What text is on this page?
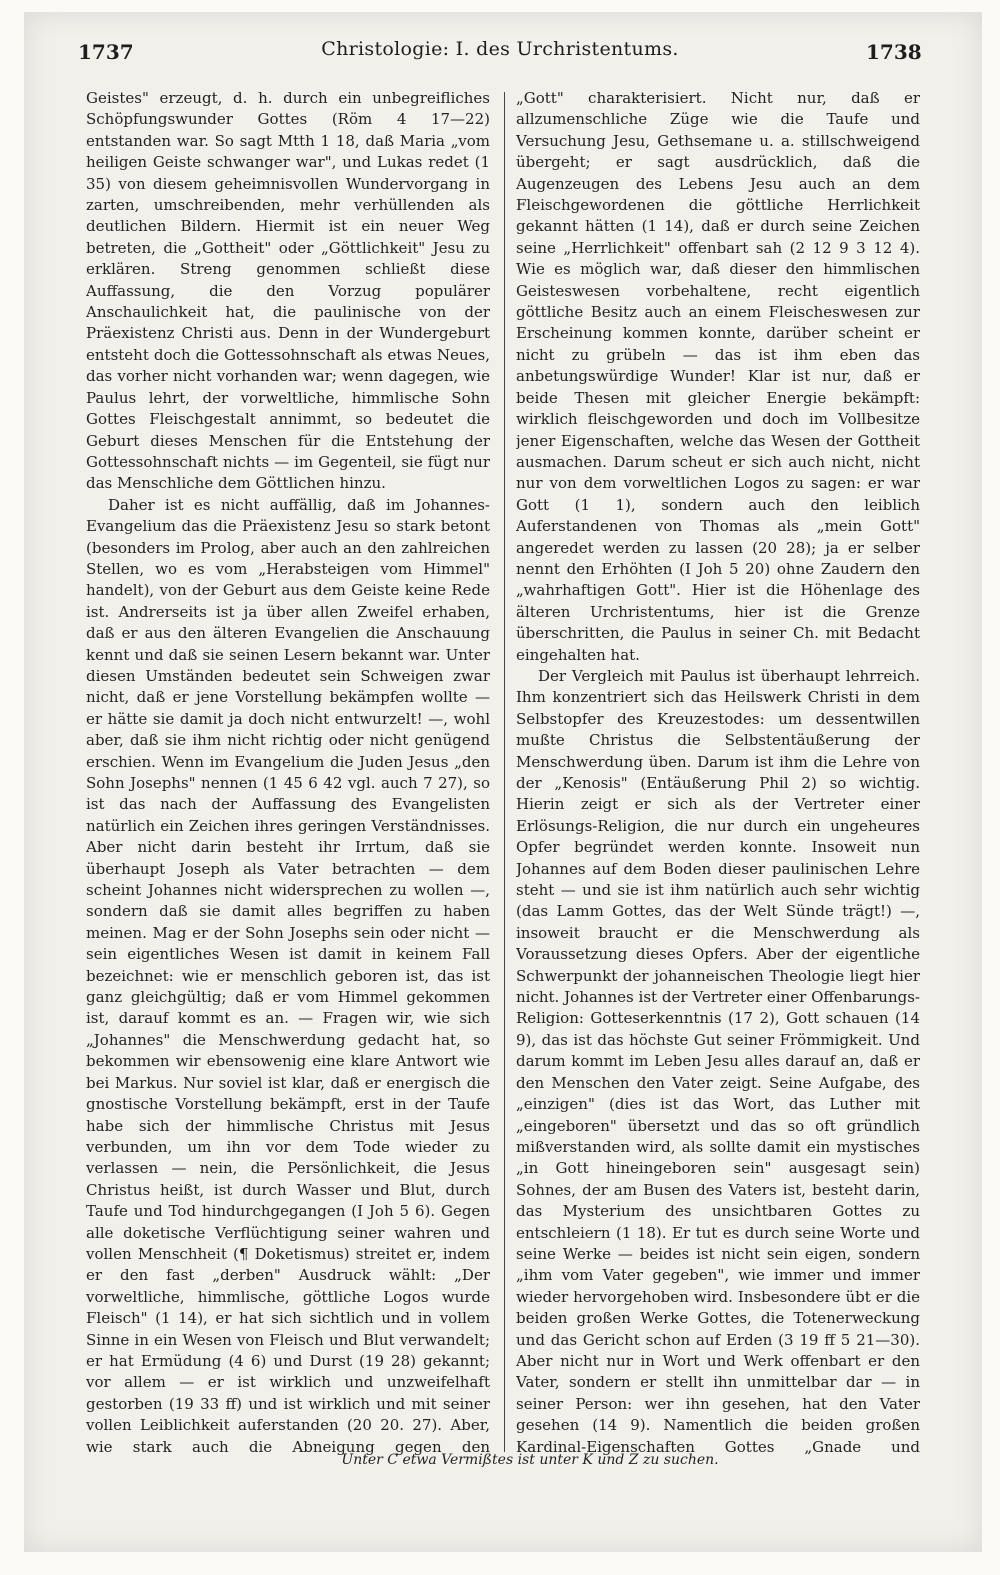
1737	Christologie: I. des Urchristentums.	1738

Geistes" erzeugt, d. h. durch ein unbegreifliches Schöpfungswunder Gottes (Röm 4 17—22) entstanden war. So sagt Mtth 1 18, daß Maria „vom heiligen Geiste schwanger war", und Lukas redet (1 35) von diesem geheimnisvollen Wundervorgang in zarten, umschreibenden, mehr verhüllenden als deutlichen Bildern. Hiermit ist ein neuer Weg betreten, die „Gottheit" oder „Göttlichkeit" Jesu zu erklären. Streng genommen schließt diese Auffassung, die den Vorzug populärer Anschaulichkeit hat, die paulinische von der Präexistenz Christi aus. Denn in der Wundergeburt entsteht doch die Gottessohnschaft als etwas Neues, das vorher nicht vorhanden war; wenn dagegen, wie Paulus lehrt, der vorweltliche, himmlische Sohn Gottes Fleischgestalt annimmt, so bedeutet die Geburt dieses Menschen für die Entstehung der Gottessohnschaft nichts — im Gegenteil, sie fügt nur das Menschliche dem Göttlichen hinzu.

Daher ist es nicht auffällig, daß im Johannes-Evangelium das die Präexistenz Jesu so stark betont (besonders im Prolog, aber auch an den zahlreichen Stellen, wo es vom „Herabsteigen vom Himmel" handelt), von der Geburt aus dem Geiste keine Rede ist. Andrerseits ist ja über allen Zweifel erhaben, daß er aus den älteren Evangelien die Anschauung kennt und daß sie seinen Lesern bekannt war. Unter diesen Umständen bedeutet sein Schweigen zwar nicht, daß er jene Vorstellung bekämpfen wollte — er hätte sie damit ja doch nicht entwurzelt! —, wohl aber, daß sie ihm nicht richtig oder nicht genügend erschien. Wenn im Evangelium die Juden Jesus „den Sohn Josephs" nennen (1 45 6 42 vgl. auch 7 27), so ist das nach der Auffassung des Evangelisten natürlich ein Zeichen ihres geringen Verständnisses. Aber nicht darin besteht ihr Irrtum, daß sie überhaupt Joseph als Vater betrachten — dem scheint Johannes nicht widersprechen zu wollen —, sondern daß sie damit alles begriffen zu haben meinen. Mag er der Sohn Josephs sein oder nicht — sein eigentliches Wesen ist damit in keinem Fall bezeichnet: wie er menschlich geboren ist, das ist ganz gleichgültig; daß er vom Himmel gekommen ist, darauf kommt es an. — Fragen wir, wie sich „Johannes" die Menschwerdung gedacht hat, so bekommen wir ebensowenig eine klare Antwort wie bei Markus. Nur soviel ist klar, daß er energisch die gnostische Vorstellung bekämpft, erst in der Taufe habe sich der himmlische Christus mit Jesus verbunden, um ihn vor dem Tode wieder zu verlassen — nein, die Persönlichkeit, die Jesus Christus heißt, ist durch Wasser und Blut, durch Taufe und Tod hindurchgegangen (I Joh 5 6). Gegen alle doketische Verflüchtigung seiner wahren und vollen Menschheit (¶ Doketismus) streitet er, indem er den fast „derben" Ausdruck wählt: „Der vorweltliche, himmlische, göttliche Logos wurde Fleisch" (1 14), er hat sich sichtlich und in vollem Sinne in ein Wesen von Fleisch und Blut verwandelt; er hat Ermüdung (4 6) und Durst (19 28) gekannt; vor allem — er ist wirklich und unzweifelhaft gestorben (19 33 ff) und ist wirklich und mit seiner vollen Leiblichkeit auferstanden (20 20. 27). Aber, wie stark auch die Abneigung gegen den

„Gott" charakterisiert. Nicht nur, daß er allzumenschliche Züge wie die Taufe und Versuchung Jesu, Gethsemane u. a. stillschweigend übergeht; er sagt ausdrücklich, daß die Augenzeugen des Lebens Jesu auch an dem Fleischgewordenen die göttliche Herrlichkeit gekannt hätten (1 14), daß er durch seine Zeichen seine „Herrlichkeit" offenbart sah (2 12 9 3 12 4). Wie es möglich war, daß dieser den himmlischen Geisteswesen vorbehaltene, recht eigentlich göttliche Besitz auch an einem Fleischeswesen zur Erscheinung kommen konnte, darüber scheint er nicht zu grübeln — das ist ihm eben das anbetungswürdige Wunder! Klar ist nur, daß er beide Thesen mit gleicher Energie bekämpft: wirklich fleischgeworden und doch im Vollbesitze jener Eigenschaften, welche das Wesen der Gottheit ausmachen. Darum scheut er sich auch nicht, nicht nur von dem vorweltlichen Logos zu sagen: er war Gott (1 1), sondern auch den leiblich Auferstandenen von Thomas als „mein Gott" angeredet werden zu lassen (20 28); ja er selber nennt den Erhöhten (I Joh 5 20) ohne Zaudern den „wahrhaftigen Gott". Hier ist die Höhenlage des älteren Urchristentums, hier ist die Grenze überschritten, die Paulus in seiner Ch. mit Bedacht eingehalten hat.

Der Vergleich mit Paulus ist überhaupt lehrreich. Ihm konzentriert sich das Heilswerk Christi in dem Selbstopfer des Kreuzestodes: um dessentwillen mußte Christus die Selbstentäußerung der Menschwerdung üben. Darum ist ihm die Lehre von der „Kenosis" (Entäußerung Phil 2) so wichtig. Hierin zeigt er sich als der Vertreter einer Erlösungs-Religion, die nur durch ein ungeheures Opfer begründet werden konnte. Insoweit nun Johannes auf dem Boden dieser paulinischen Lehre steht — und sie ist ihm natürlich auch sehr wichtig (das Lamm Gottes, das der Welt Sünde trägt!) —, insoweit braucht er die Menschwerdung als Voraussetzung dieses Opfers. Aber der eigentliche Schwerpunkt der johanneischen Theologie liegt hier nicht. Johannes ist der Vertreter einer Offenbarungs-Religion: Gotteserkenntnis (17 2), Gott schauen (14 9), das ist das höchste Gut seiner Frömmigkeit. Und darum kommt im Leben Jesu alles darauf an, daß er den Menschen den Vater zeigt. Seine Aufgabe, des „einzigen" (dies ist das Wort, das Luther mit „eingeboren" übersetzt und das so oft gründlich mißverstanden wird, als sollte damit ein mystisches „in Gott hineingeboren sein" ausgesagt sein) Sohnes, der am Busen des Vaters ist, besteht darin, das Mysterium des unsichtbaren Gottes zu entschleiern (1 18). Er tut es durch seine Worte und seine Werke — beides ist nicht sein eigen, sondern „ihm vom Vater gegeben", wie immer und immer wieder hervorgehoben wird. Insbesondere übt er die beiden großen Werke Gottes, die Totenerweckung und das Gericht schon auf Erden (3 19 ff 5 21—30). Aber nicht nur in Wort und Werk offenbart er den Vater, sondern er stellt ihn unmittelbar dar — in seiner Person: wer ihn gesehen, hat den Vater gesehen (14 9). Namentlich die beiden großen Kardinal-Eigenschaften Gottes „Gnade und

Unter C etwa Vermißtes ist unter K und Z zu suchen.
